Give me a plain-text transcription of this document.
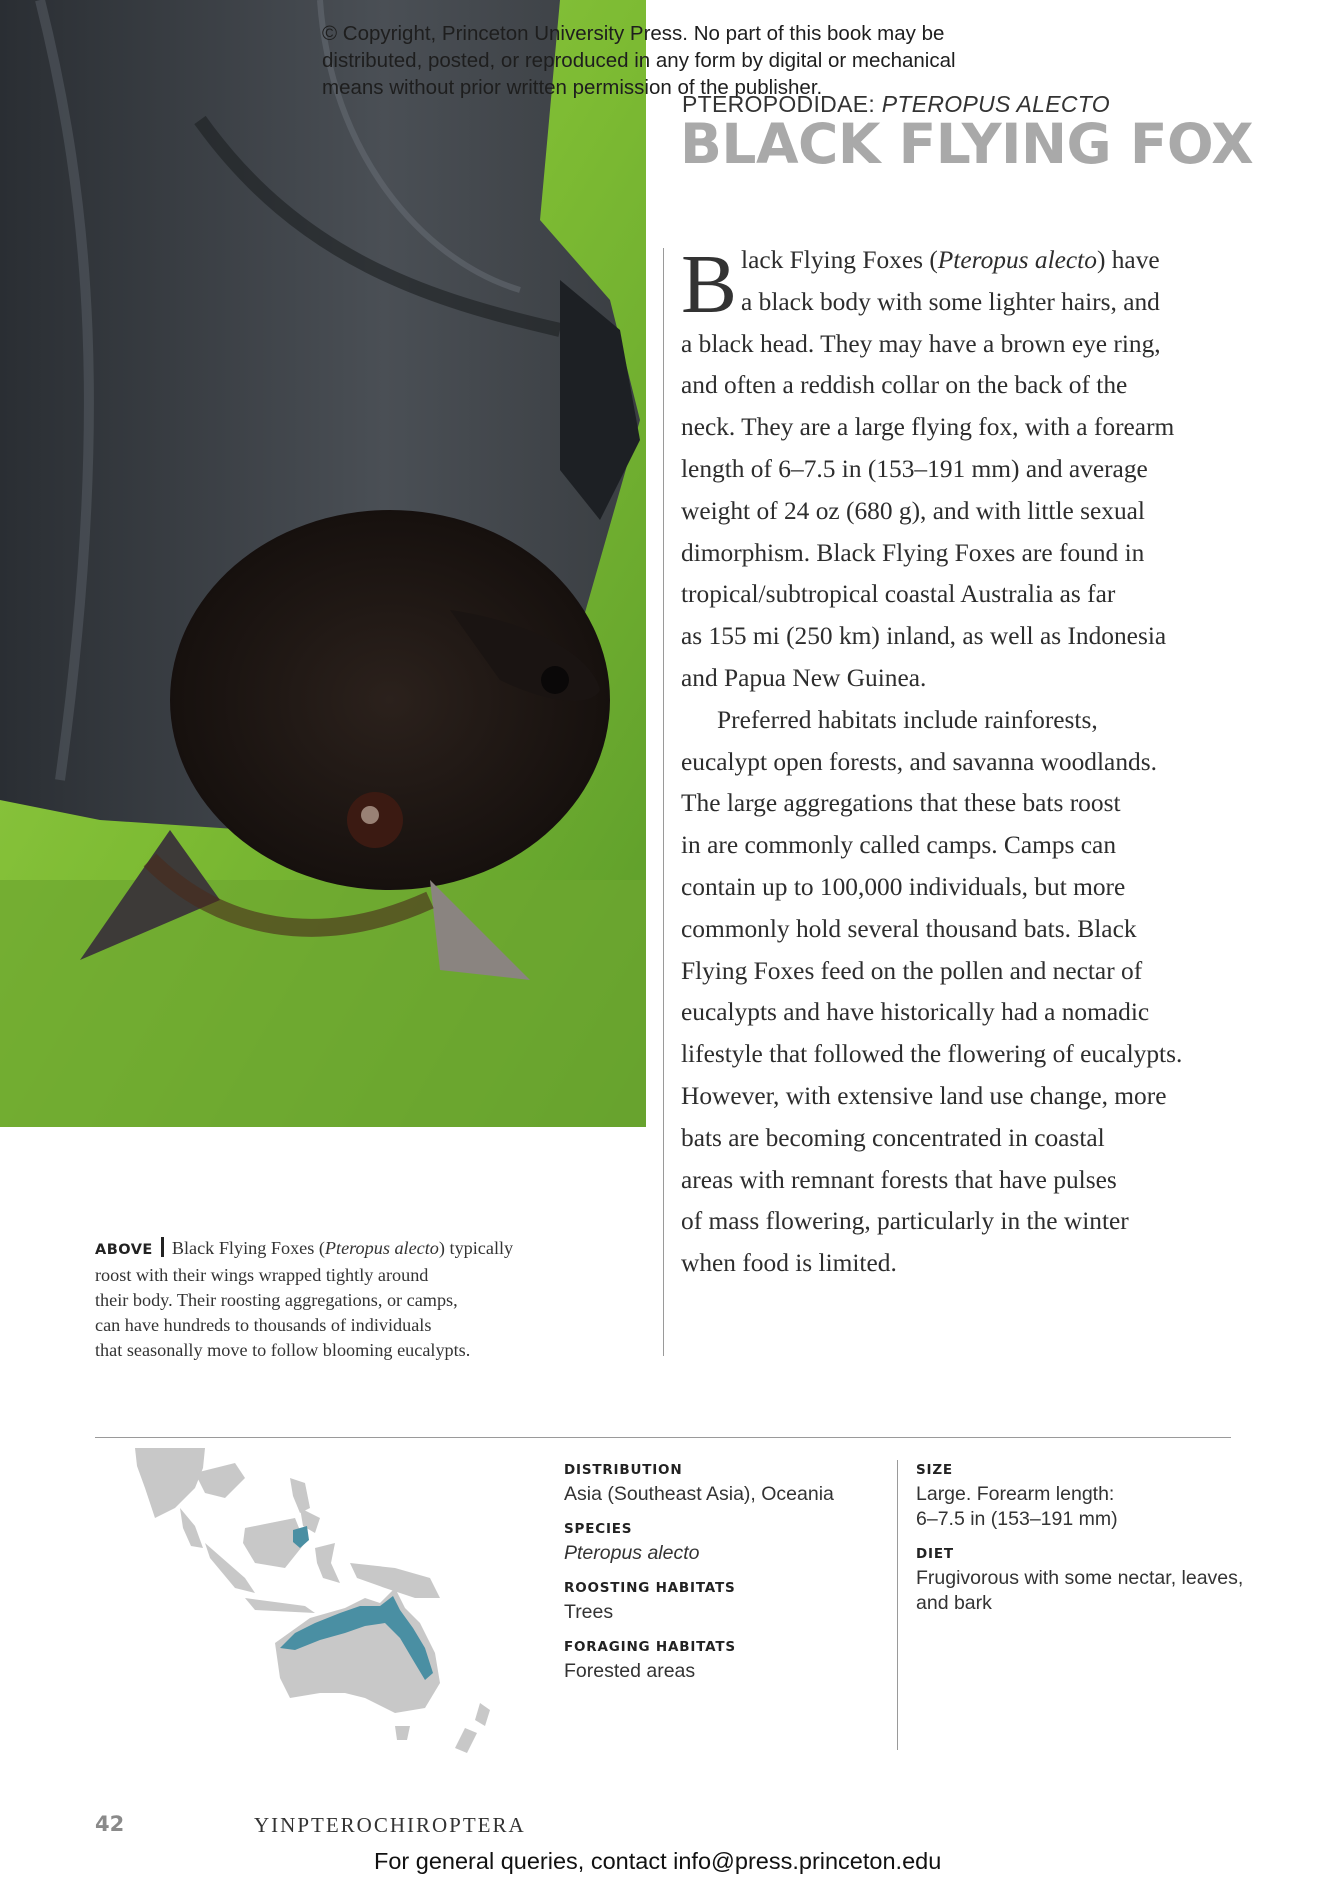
© Copyright, Princeton University Press. No part of this book may be
distributed, posted, or reproduced in any form by digital or mechanical
means without prior written permission of the publisher.
PTEROPODIDAE: PTEROPUS ALECTO
BLACK FLYING FOX
B lack Flying Foxes (Pteropus alecto) have
a black body with some lighter hairs, and
a black head. They may have a brown eye ring,
and often a reddish collar on the back of the
neck. They are a large flying fox, with a forearm
length of 6–7.5 in (153–191 mm) and average
weight of 24 oz (680 g), and with little sexual
dimorphism. Black Flying Foxes are found in
tropical/subtropical coastal Australia as far
as 155 mi (250 km) inland, as well as Indonesia
and Papua New Guinea.
Preferred habitats include rainforests,
eucalypt open forests, and savanna woodlands.
The large aggregations that these bats roost
in are commonly called camps. Camps can
contain up to 100,000 individuals, but more
commonly hold several thousand bats. Black
Flying Foxes feed on the pollen and nectar of
eucalypts and have historically had a nomadic
lifestyle that followed the flowering of eucalypts.
However, with extensive land use change, more
bats are becoming concentrated in coastal
areas with remnant forests that have pulses
of mass flowering, particularly in the winter
when food is limited.
ABOVE Black Flying Foxes (Pteropus alecto) typically
roost with their wings wrapped tightly around
their body. Their roosting aggregations, or camps,
can have hundreds to thousands of individuals
that seasonally move to follow blooming eucalypts.
DISTRIBUTION
Asia (Southeast Asia), Oceania
SPECIES
Pteropus alecto
ROOSTING HABITATS
Trees
FORAGING HABITATS
Forested areas
SIZE
Large. Forearm length:
6–7.5 in (153–191 mm)
DIET
Frugivorous with some nectar, leaves,
and bark
42	YINPTEROCHIROPTERA
For general queries, contact info@press.princeton.edu
